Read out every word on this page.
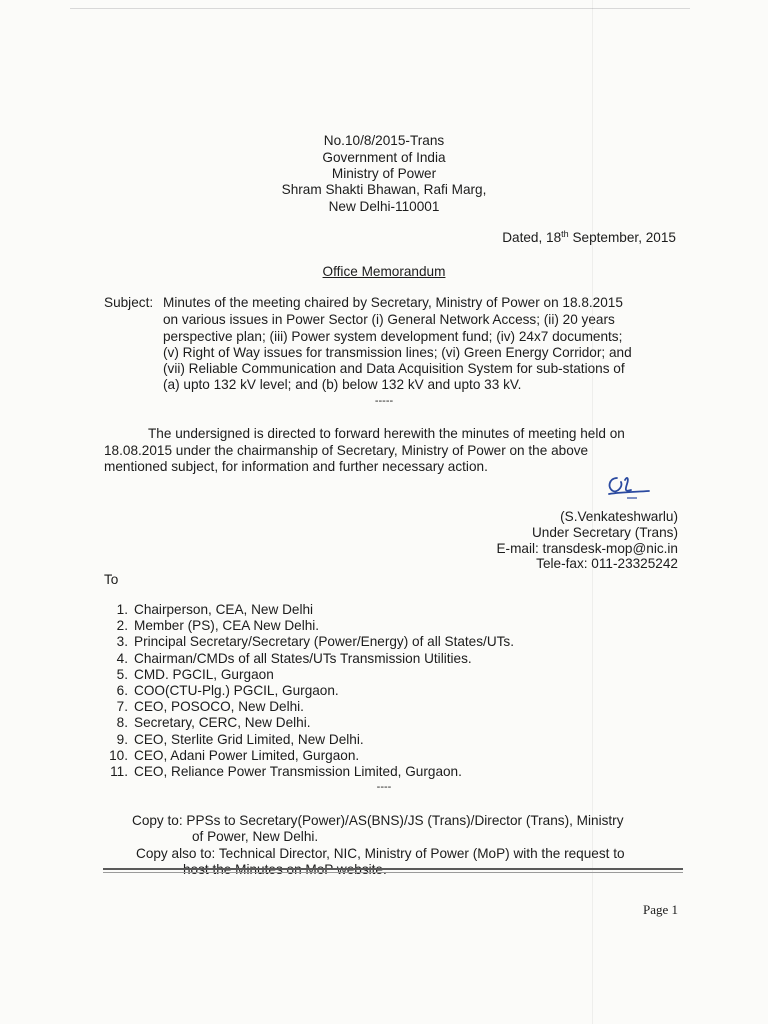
No.10/8/2015-Trans
Government of India
Ministry of Power
Shram Shakti Bhawan, Rafi Marg,
New Delhi-110001
Dated, 18th September, 2015
Office Memorandum
Subject: Minutes of the meeting chaired by Secretary, Ministry of Power on 18.8.2015
on various issues in Power Sector (i) General Network Access; (ii) 20 years
perspective plan; (iii) Power system development fund; (iv) 24x7 documents;
(v) Right of Way issues for transmission lines; (vi) Green Energy Corridor; and
(vii) Reliable Communication and Data Acquisition System for sub-stations of
(a) upto 132 kV level; and (b) below 132 kV and upto 33 kV.
-----
The undersigned is directed to forward herewith the minutes of meeting held on
18.08.2015 under the chairmanship of Secretary, Ministry of Power on the above
mentioned subject, for information and further necessary action.
(S.Venkateshwarlu)
Under Secretary (Trans)
E-mail: transdesk-mop@nic.in
Tele-fax: 011-23325242
To
1. Chairperson, CEA, New Delhi
2. Member (PS), CEA New Delhi.
3. Principal Secretary/Secretary (Power/Energy) of all States/UTs.
4. Chairman/CMDs of all States/UTs Transmission Utilities.
5. CMD. PGCIL, Gurgaon
6. COO(CTU-Plg.) PGCIL, Gurgaon.
7. CEO, POSOCO, New Delhi.
8. Secretary, CERC, New Delhi.
9. CEO, Sterlite Grid Limited, New Delhi.
10. CEO, Adani Power Limited, Gurgaon.
11. CEO, Reliance Power Transmission Limited, Gurgaon.
----
Copy to: PPSs to Secretary(Power)/AS(BNS)/JS (Trans)/Director (Trans), Ministry
of Power, New Delhi.
Copy also to: Technical Director, NIC, Ministry of Power (MoP) with the request to
Page 1
